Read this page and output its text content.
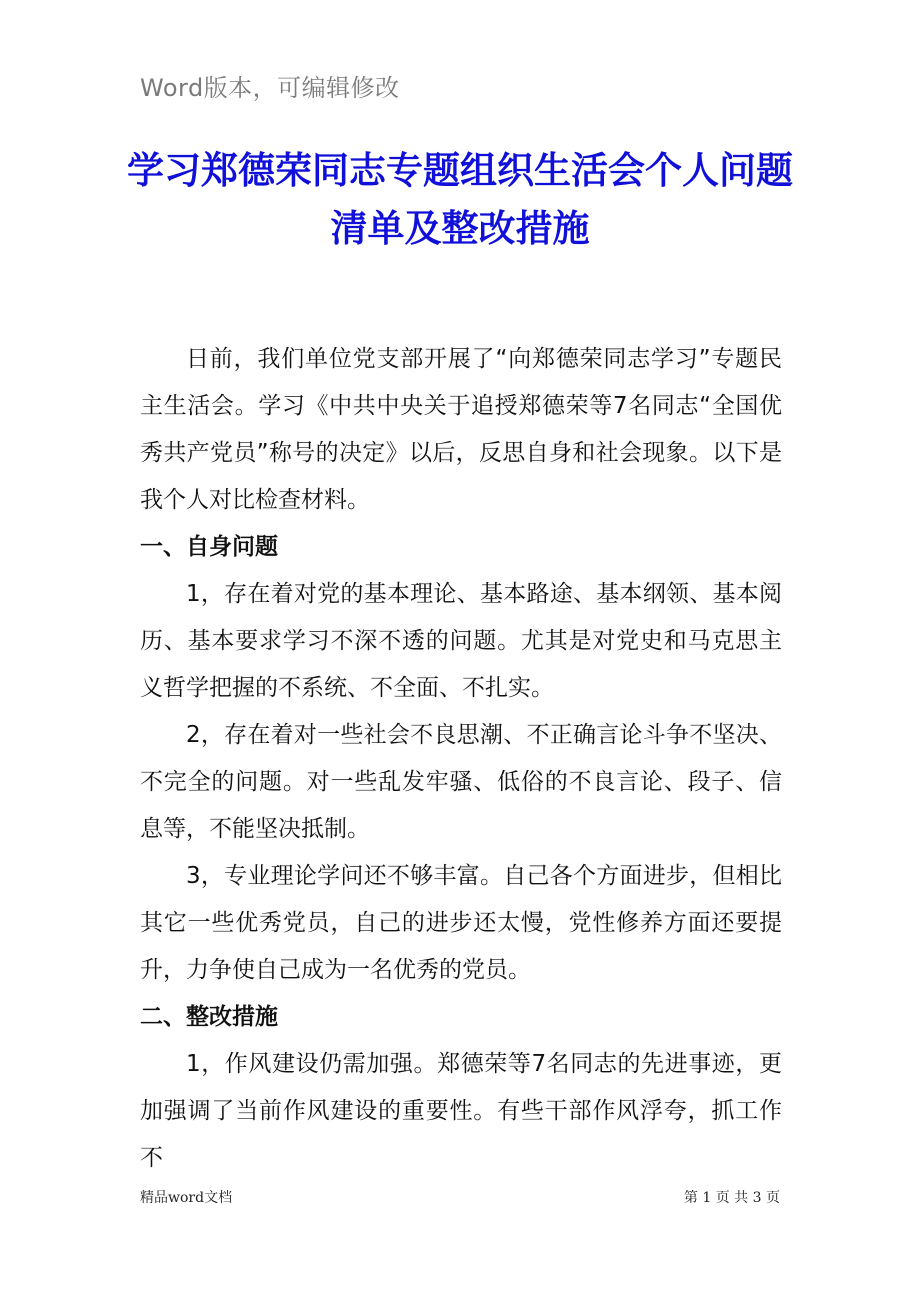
Word版本，可编辑修改
学习郑德荣同志专题组织生活会个人问题
清单及整改措施

日前，我们单位党支部开展了“向郑德荣同志学习”专题民主生活会。学习《中共中央关于追授郑德荣等7名同志“全国优秀共产党员”称号的决定》以后，反思自身和社会现象。以下是我个人对比检查材料。

一、自身问题

1，存在着对党的基本理论、基本路途、基本纲领、基本阅历、基本要求学习不深不透的问题。尤其是对党史和马克思主义哲学把握的不系统、不全面、不扎实。

2，存在着对一些社会不良思潮、不正确言论斗争不坚决、不完全的问题。对一些乱发牢骚、低俗的不良言论、段子、信息等，不能坚决抵制。

3，专业理论学问还不够丰富。自己各个方面进步，但相比其它一些优秀党员，自己的进步还太慢，党性修养方面还要提升，力争使自己成为一名优秀的党员。

二、整改措施

1，作风建设仍需加强。郑德荣等7名同志的先进事迹，更加强调了当前作风建设的重要性。有些干部作风浮夸，抓工作不

精品word文档	第 1 页 共 3 页
